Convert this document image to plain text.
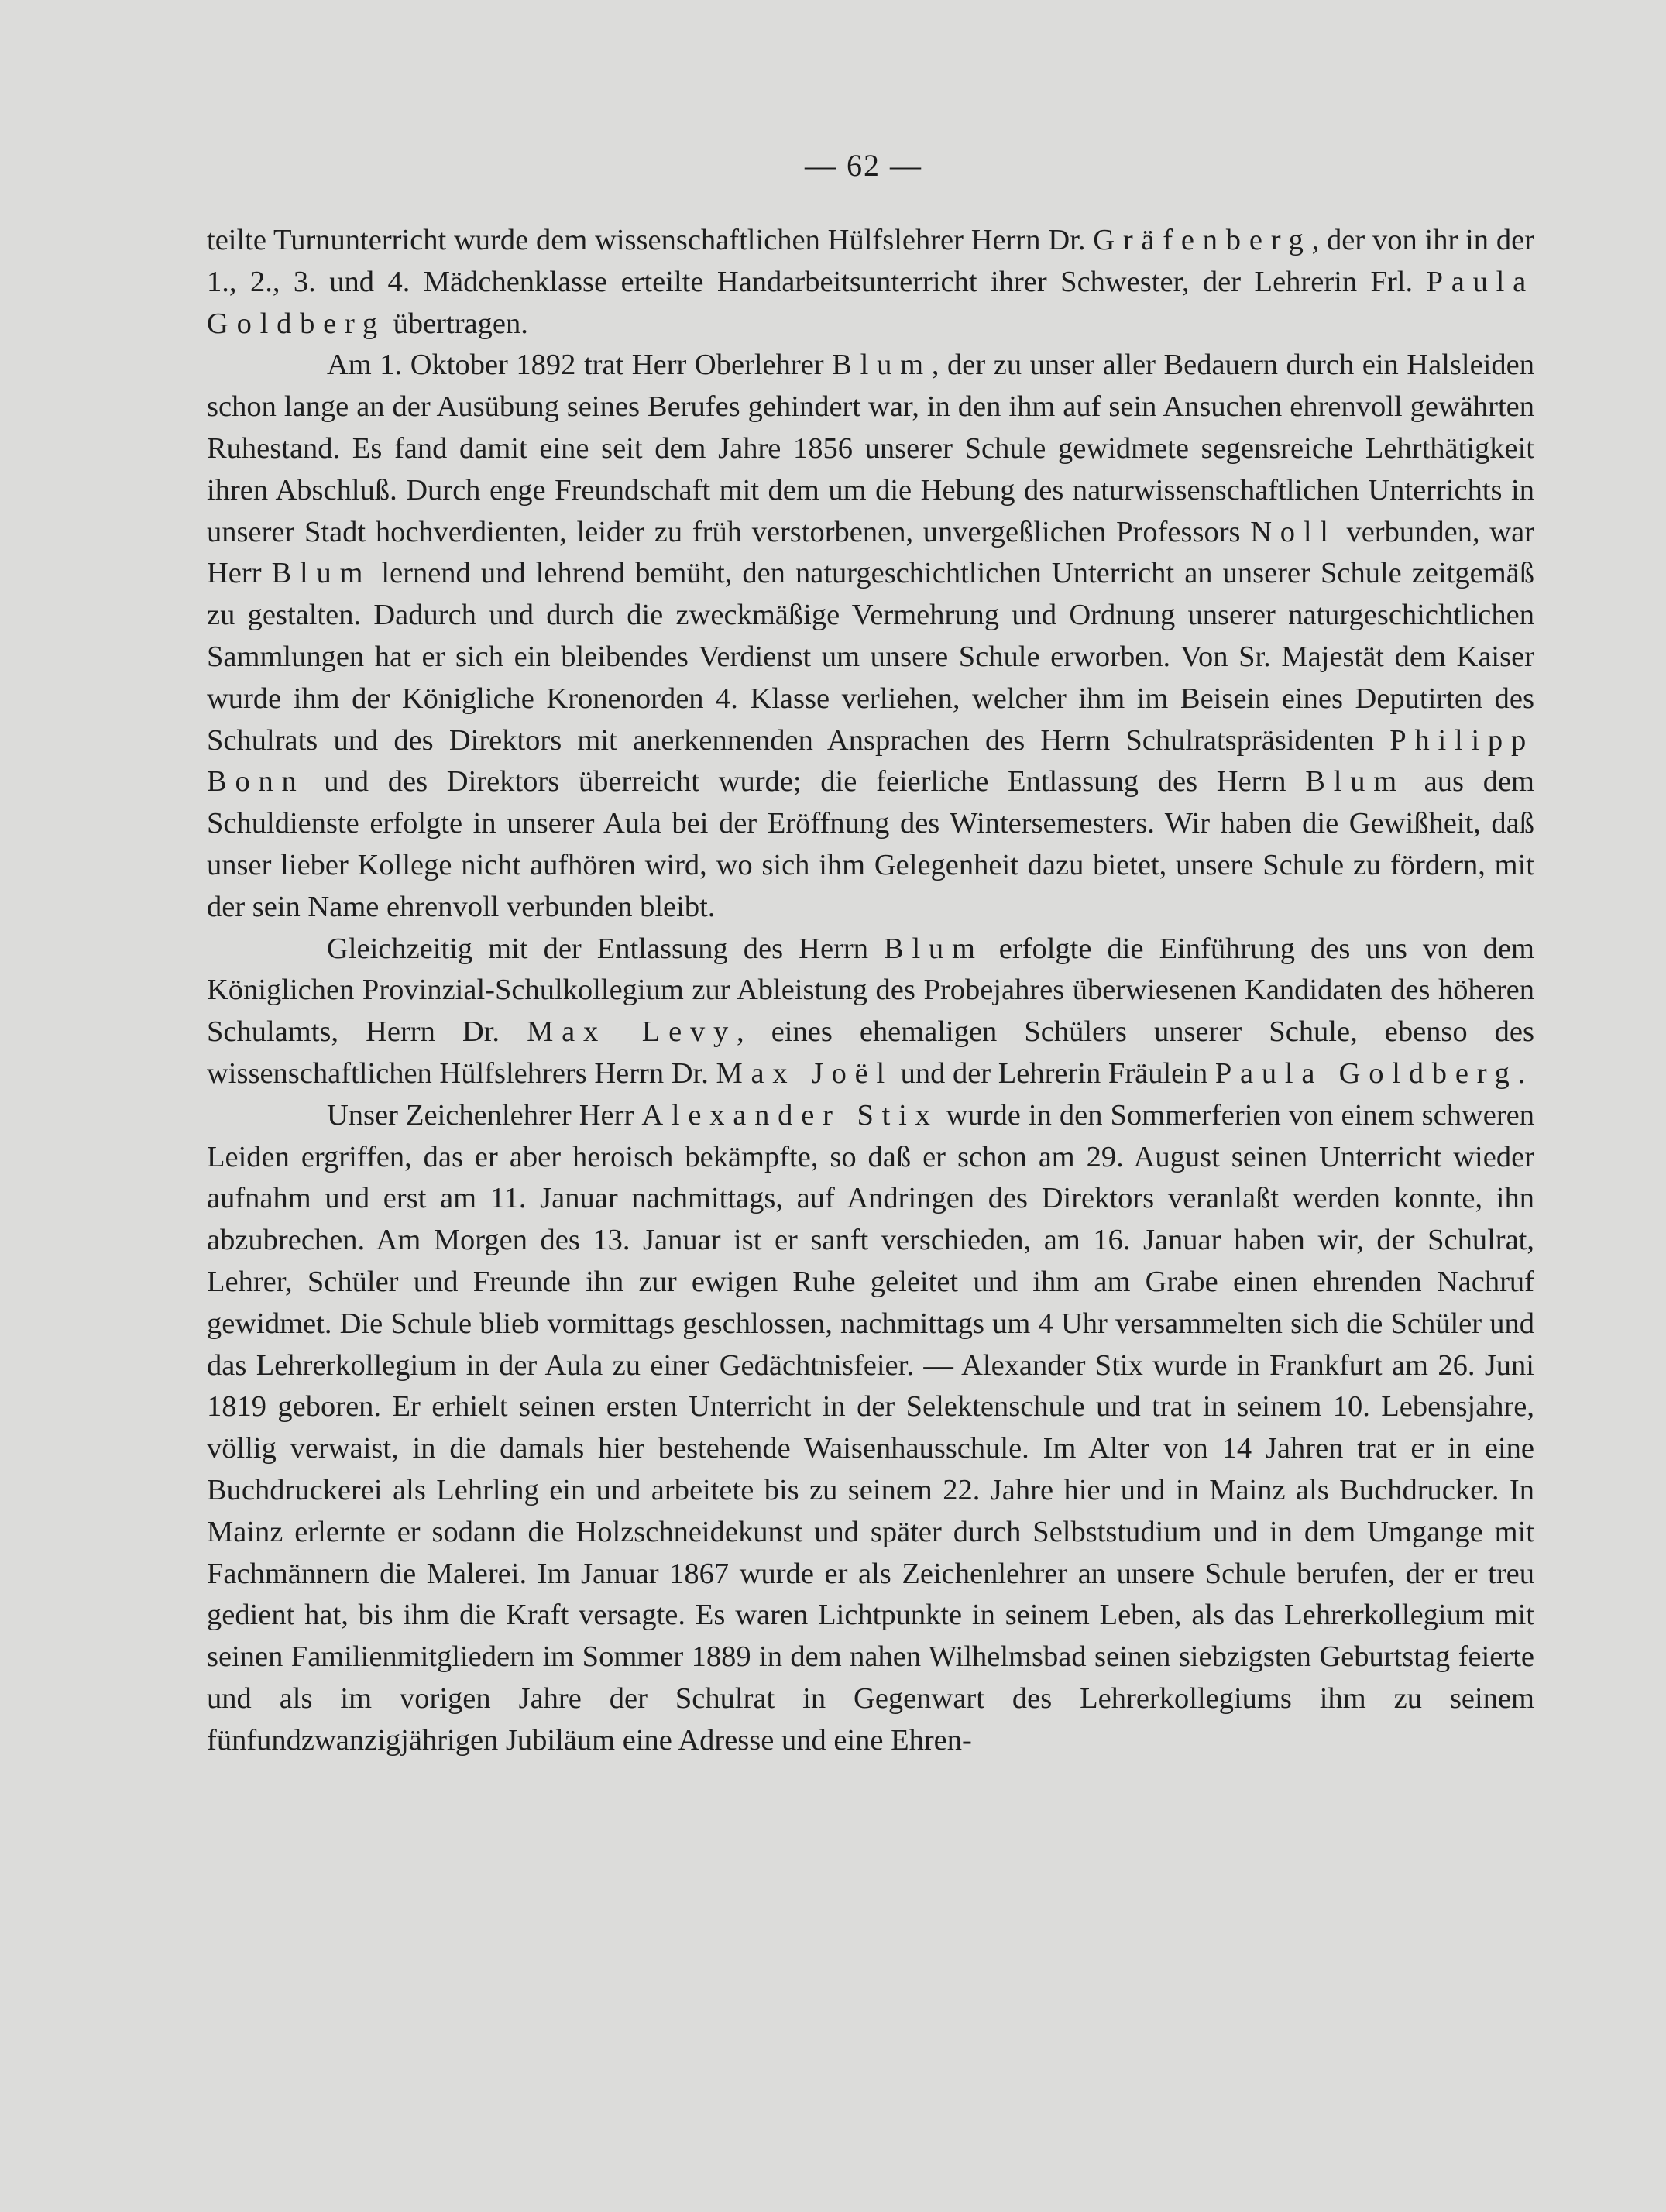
— 62 —

teilte Turnunterricht wurde dem wissenschaftlichen Hülfslehrer Herrn Dr. Gräfenberg, der von ihr in der 1., 2., 3. und 4. Mädchenklasse erteilte Handarbeitsunterricht ihrer Schwester, der Lehrerin Frl. Paula Goldberg übertragen.

Am 1. Oktober 1892 trat Herr Oberlehrer Blum, der zu unser aller Bedauern durch ein Halsleiden schon lange an der Ausübung seines Berufes gehindert war, in den ihm auf sein Ansuchen ehrenvoll gewährten Ruhestand. Es fand damit eine seit dem Jahre 1856 unserer Schule gewidmete segensreiche Lehrthätigkeit ihren Abschluß. Durch enge Freundschaft mit dem um die Hebung des naturwissenschaftlichen Unterrichts in unserer Stadt hochverdienten, leider zu früh verstorbenen, unvergeßlichen Professors Noll verbunden, war Herr Blum lernend und lehrend bemüht, den naturgeschichtlichen Unterricht an unserer Schule zeitgemäß zu gestalten. Dadurch und durch die zweckmäßige Vermehrung und Ordnung unserer naturgeschichtlichen Sammlungen hat er sich ein bleibendes Verdienst um unsere Schule erworben. Von Sr. Majestät dem Kaiser wurde ihm der Königliche Kronenorden 4. Klasse verliehen, welcher ihm im Beisein eines Deputirten des Schulrats und des Direktors mit anerkennenden Ansprachen des Herrn Schulratspräsidenten Philipp Bonn und des Direktors überreicht wurde; die feierliche Entlassung des Herrn Blum aus dem Schuldienste erfolgte in unserer Aula bei der Eröffnung des Wintersemesters. Wir haben die Gewißheit, daß unser lieber Kollege nicht aufhören wird, wo sich ihm Gelegenheit dazu bietet, unsere Schule zu fördern, mit der sein Name ehrenvoll verbunden bleibt.

Gleichzeitig mit der Entlassung des Herrn Blum erfolgte die Einführung des uns von dem Königlichen Provinzial-Schulkollegium zur Ableistung des Probejahres überwiesenen Kandidaten des höheren Schulamts, Herrn Dr. Max Levy, eines ehemaligen Schülers unserer Schule, ebenso des wissenschaftlichen Hülfslehrers Herrn Dr. Max Joël und der Lehrerin Fräulein Paula Goldberg.

Unser Zeichenlehrer Herr Alexander Stix wurde in den Sommerferien von einem schweren Leiden ergriffen, das er aber heroisch bekämpfte, so daß er schon am 29. August seinen Unterricht wieder aufnahm und erst am 11. Januar nachmittags, auf Andringen des Direktors veranlaßt werden konnte, ihn abzubrechen. Am Morgen des 13. Januar ist er sanft verschieden, am 16. Januar haben wir, der Schulrat, Lehrer, Schüler und Freunde ihn zur ewigen Ruhe geleitet und ihm am Grabe einen ehrenden Nachruf gewidmet. Die Schule blieb vormittags geschlossen, nachmittags um 4 Uhr versammelten sich die Schüler und das Lehrerkollegium in der Aula zu einer Gedächtnisfeier. — Alexander Stix wurde in Frankfurt am 26. Juni 1819 geboren. Er erhielt seinen ersten Unterricht in der Selektenschule und trat in seinem 10. Lebensjahre, völlig verwaist, in die damals hier bestehende Waisenhausschule. Im Alter von 14 Jahren trat er in eine Buchdruckerei als Lehrling ein und arbeitete bis zu seinem 22. Jahre hier und in Mainz als Buchdrucker. In Mainz erlernte er sodann die Holzschneidekunst und später durch Selbststudium und in dem Umgange mit Fachmännern die Malerei. Im Januar 1867 wurde er als Zeichenlehrer an unsere Schule berufen, der er treu gedient hat, bis ihm die Kraft versagte. Es waren Lichtpunkte in seinem Leben, als das Lehrerkollegium mit seinen Familienmitgliedern im Sommer 1889 in dem nahen Wilhelmsbad seinen siebzigsten Geburtstag feierte und als im vorigen Jahre der Schulrat in Gegenwart des Lehrerkollegiums ihm zu seinem fünfundzwanzigjährigen Jubiläum eine Adresse und eine Ehren-
